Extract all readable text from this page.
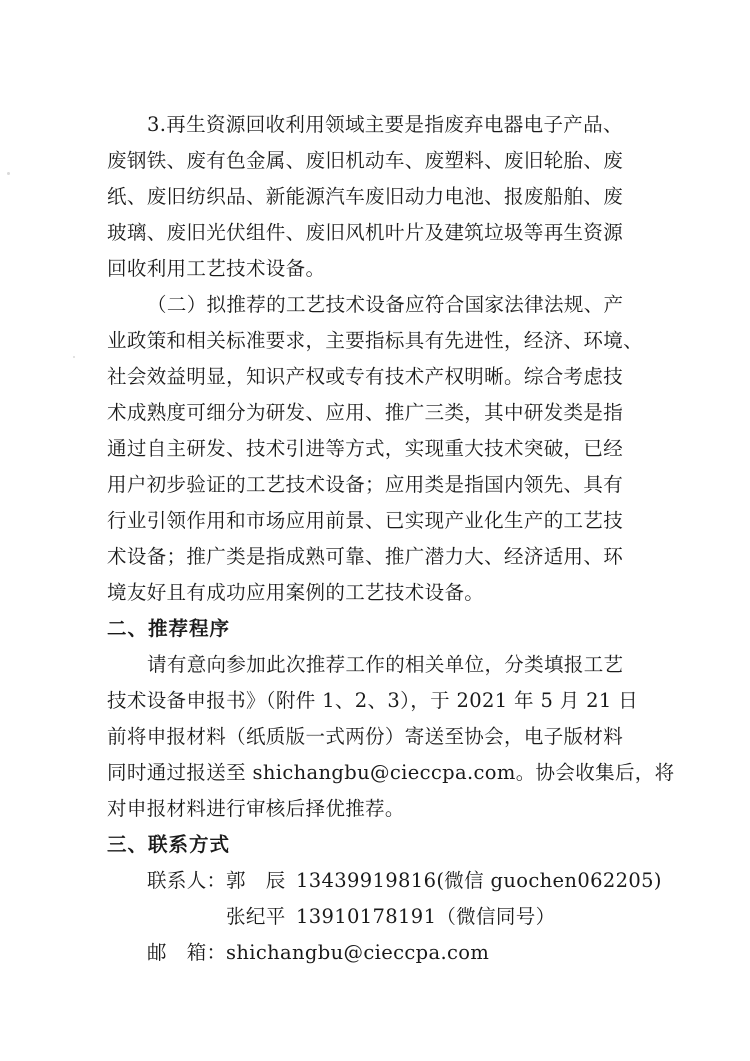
3.再生资源回收利用领域主要是指废弃电器电子产品、
废钢铁、废有色金属、废旧机动车、废塑料、废旧轮胎、废
纸、废旧纺织品、新能源汽车废旧动力电池、报废船舶、废
玻璃、废旧光伏组件、废旧风机叶片及建筑垃圾等再生资源
回收利用工艺技术设备。
（二）拟推荐的工艺技术设备应符合国家法律法规、产
业政策和相关标准要求，主要指标具有先进性，经济、环境、
社会效益明显，知识产权或专有技术产权明晰。综合考虑技
术成熟度可细分为研发、应用、推广三类，其中研发类是指
通过自主研发、技术引进等方式，实现重大技术突破，已经
用户初步验证的工艺技术设备；应用类是指国内领先、具有
行业引领作用和市场应用前景、已实现产业化生产的工艺技
术设备；推广类是指成熟可靠、推广潜力大、经济适用、环
境友好且有成功应用案例的工艺技术设备。
二、推荐程序
请有意向参加此次推荐工作的相关单位，分类填报工艺
技术设备申报书》（附件 1、2、3），于 2021 年 5 月 21 日
前将申报材料（纸质版一式两份）寄送至协会，电子版材料
同时通过报送至 shichangbu@cieccpa.com。协会收集后，将
对申报材料进行审核后择优推荐。
三、联系方式
联系人： 郭　辰 13439919816(微信 guochen062205)
张纪平 13910178191（微信同号）
邮　箱： shichangbu@cieccpa.com
